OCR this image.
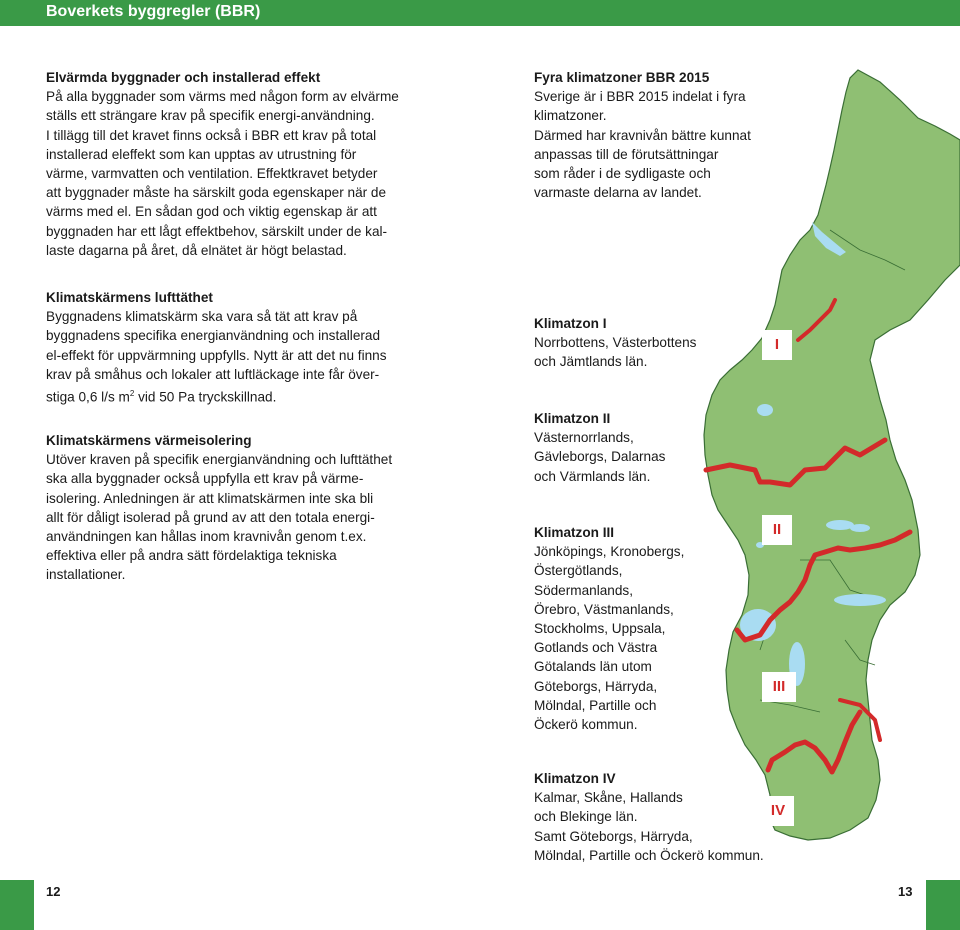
Boverkets byggregler (BBR)
Elvärmda byggnader och installerad effekt

På alla byggnader som värms med någon form av elvärme
ställs ett strängare krav på specifik energi-användning.
I tillägg till det kravet finns också i BBR ett krav på total
installerad eleffekt som kan upptas av utrustning för
värme, varmvatten och ventilation. Effektkravet betyder
att byggnader måste ha särskilt goda egenskaper när de
värms med el. En sådan god och viktig egenskap är att
byggnaden har ett lågt effektbehov, särskilt under de kal-
laste dagarna på året, då elnätet är högt belastad.

Klimatskärmens lufttäthet

Byggnadens klimatskärm ska vara så tät att krav på
byggnadens specifika energianvändning och installerad
el-effekt för uppvärmning uppfylls. Nytt är att det nu finns
krav på småhus och lokaler att luftläckage inte får över-
stiga 0,6 l/s $m^2$ vid 50 Pa tryckskillnad.

Klimatskärmens värmeisolering

Utöver kraven på specifik energianvändning och lufttäthet
ska alla byggnader också uppfylla ett krav på värme-
isolering. Anledningen är att klimatskärmen inte ska bli
allt för dåligt isolerad på grund av att den totala energi-
användningen kan hållas inom kravnivån genom t.ex.
effektiva eller på andra sätt fördelaktiga tekniska
installationer.

Fyra klimatzoner BBR 2015

Sverige är i BBR 2015 indelat i fyra
klimatzoner.
Därmed har kravnivån bättre kunnat
anpassas till de förutsättningar
som råder i de sydligaste och
varmaste delarna av landet.

Klimatzon I

Norrbottens, Västerbottens
och Jämtlands län.

Klimatzon II

Västernorrlands,
Gävleborgs, Dalarnas
och Värmlands län.

Klimatzon III

Jönköpings, Kronobergs,
Östergötlands,
Södermanlands,
Örebro, Västmanlands,
Stockholms, Uppsala,
Gotlands och Västra
Götalands län utom
Göteborgs, Härryda,
Mölndal, Partille och
Öckerö kommun.

Klimatzon IV

Kalmar, Skåne, Hallands
och Blekinge län.
Samt Göteborgs, Härryda,
Mölndal, Partille och Öckerö kommun.

I
II
III
IV
12	13
